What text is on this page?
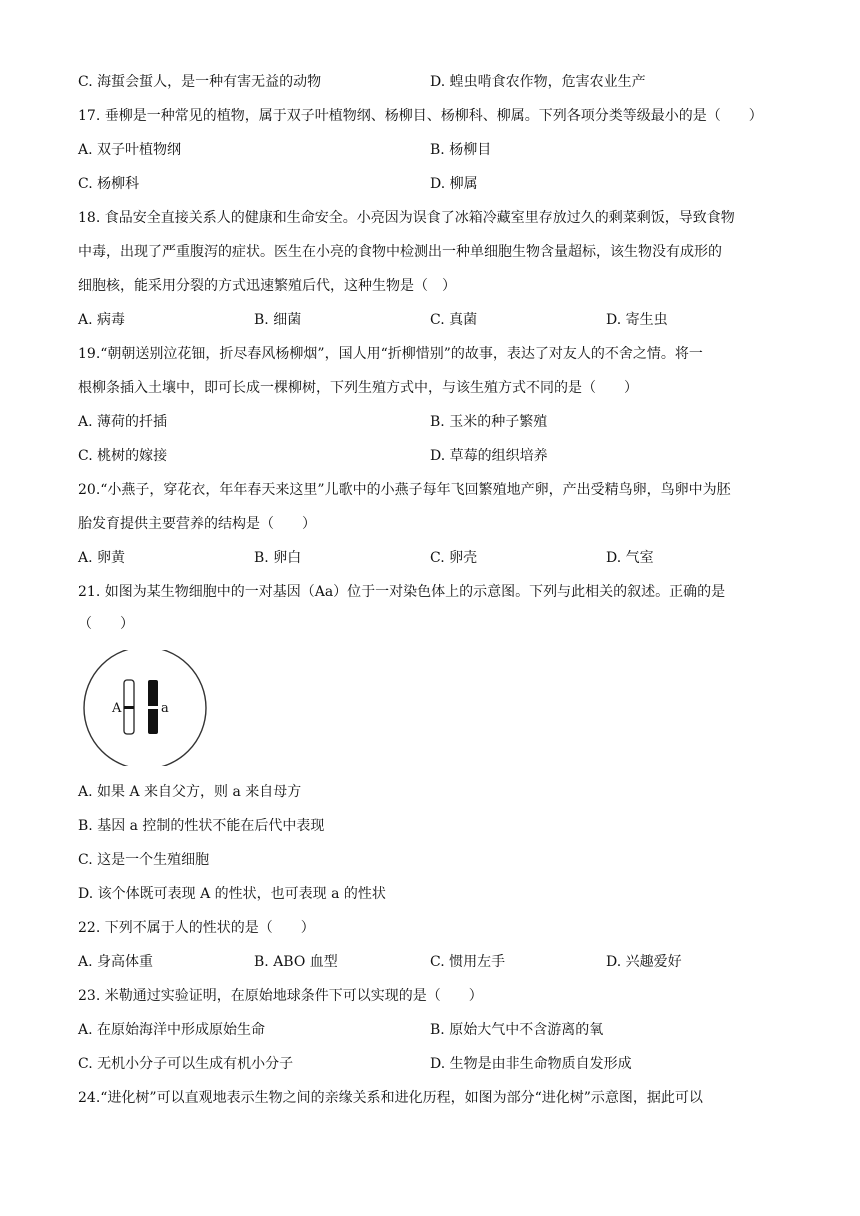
C. 海蜇会蜇人，是一种有害无益的动物	D. 蝗虫啃食农作物，危害农业生产
17. 垂柳是一种常见的植物，属于双子叶植物纲、杨柳目、杨柳科、柳属。下列各项分类等级最小的是（　　）
A. 双子叶植物纲	B. 杨柳目
C. 杨柳科	D. 柳属
18. 食品安全直接关系人的健康和生命安全。小亮因为误食了冰箱冷藏室里存放过久的剩菜剩饭，导致食物
中毒，出现了严重腹泻的症状。医生在小亮的食物中检测出一种单细胞生物含量超标，该生物没有成形的
细胞核，能采用分裂的方式迅速繁殖后代，这种生物是（　）
A. 病毒	B. 细菌	C. 真菌	D. 寄生虫
19.“朝朝送别泣花钿，折尽春风杨柳烟”，国人用“折柳惜别”的故事，表达了对友人的不舍之情。将一
根柳条插入土壤中，即可长成一棵柳树，下列生殖方式中，与该生殖方式不同的是（　　）
A. 薄荷的扦插	B. 玉米的种子繁殖
C. 桃树的嫁接	D. 草莓的组织培养
20.“小燕子，穿花衣，年年春天来这里”儿歌中的小燕子每年飞回繁殖地产卵，产出受精鸟卵，鸟卵中为胚
胎发育提供主要营养的结构是（　　）
A. 卵黄	B. 卵白	C. 卵壳	D. 气室
21. 如图为某生物细胞中的一对基因（Aa）位于一对染色体上的示意图。下列与此相关的叙述。正确的是
（　　）
A	a
A. 如果 A 来自父方，则 a 来自母方
B. 基因 a 控制的性状不能在后代中表现
C. 这是一个生殖细胞
D. 该个体既可表现 A 的性状，也可表现 a 的性状
22. 下列不属于人的性状的是（　　）
A. 身高体重	B. ABO 血型	C. 惯用左手	D. 兴趣爱好
23. 米勒通过实验证明，在原始地球条件下可以实现的是（　　）
A. 在原始海洋中形成原始生命	B. 原始大气中不含游离的氧
C. 无机小分子可以生成有机小分子	D. 生物是由非生命物质自发形成
24.“进化树”可以直观地表示生物之间的亲缘关系和进化历程，如图为部分“进化树”示意图，据此可以
